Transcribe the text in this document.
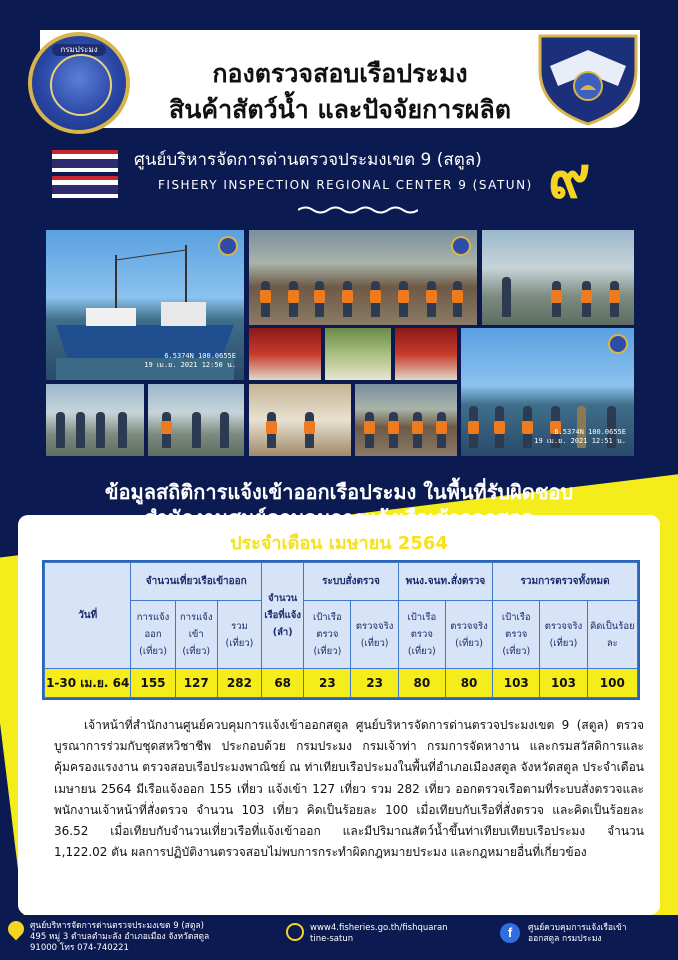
กองตรวจสอบเรือประมง
สินค้าสัตว์น้ำ และปัจจัยการผลิต
กรมประมง
ศูนย์บริหารจัดการด่านตรวจประมงเขต 9 (สตูล)
FISHERY INSPECTION REGIONAL CENTER 9 (SATUN) ๙
6.5374N 100.0655E
19 เม.ย. 2021 12:50 น.
6.5374N 100.0655E
19 เม.ย. 2021 12:51 น.
ข้อมูลสถิติการแจ้งเข้าออกเรือประมง ในพื้นที่รับผิดชอบ
สำนักงานศูนย์ควบคุมการแจ้งเรือเข้าออกสตูล
ประจำเดือน เมษายน 2564
วันที่	จำนวนเที่ยวเรือเข้าออก			จำนวนเรือที่แจ้ง (ลำ)	ระบบสั่งตรวจ		พนง.จนท.สั่งตรวจ		รวมการตรวจทั้งหมด		
	การแจ้งออก (เที่ยว)	การแจ้งเข้า (เที่ยว)	รวม (เที่ยว)		เป้าเรือตรวจ (เที่ยว)	ตรวจจริง (เที่ยว)	เป้าเรือตรวจ (เที่ยว)	ตรวจจริง (เที่ยว)	เป้าเรือตรวจ (เที่ยว)	ตรวจจริง (เที่ยว)	คิดเป็นร้อยละ
1-30 เม.ย. 64	155	127	282	68	23	23	80	80	103	103	100
เจ้าหน้าที่สำนักงานศูนย์ควบคุมการแจ้งเข้าออกสตูล ศูนย์บริหารจัดการด่านตรวจประมงเขต 9 (สตูล) ตรวจบูรณาการร่วมกับชุดสหวิชาชีพ ประกอบด้วย กรมประมง กรมเจ้าท่า กรมการจัดหางาน และกรมสวัสดิการและคุ้มครองแรงงาน ตรวจสอบเรือประมงพาณิชย์ ณ ท่าเทียบเรือประมงในพื้นที่อำเภอเมืองสตูล จังหวัดสตูล ประจำเดือนเมษายน 2564 มีเรือแจ้งออก 155 เที่ยว แจ้งเข้า 127 เที่ยว รวม 282 เที่ยว ออกตรวจเรือตามที่ระบบสั่งตรวจและพนักงานเจ้าหน้าที่สั่งตรวจ จำนวน 103 เที่ยว คิดเป็นร้อยละ 100 เมื่อเทียบกับเรือที่สั่งตรวจ และคิดเป็นร้อยละ 36.52 เมื่อเทียบกับจำนวนเที่ยวเรือที่แจ้งเข้าออก และมีปริมาณสัตว์น้ำขึ้นท่าเทียบเทียบเรือประมง จำนวน 1,122.02 ตัน ผลการปฏิบัติงานตรวจสอบไม่พบการกระทำผิดกฎหมายประมง และกฎหมายอื่นที่เกี่ยวข้อง
ศูนย์บริหารจัดการด่านตรวจประมงเขต 9 (สตูล)
495 หมู่ 3 ตำบลตำมะลัง อำเภอเมือง จังหวัดสตูล
91000 โทร 074-740221
www4.fisheries.go.th/fishquaran
tine-satun	f	ศูนย์ควบคุมการแจ้งเรือเข้า
ออกสตูล กรมประมง
